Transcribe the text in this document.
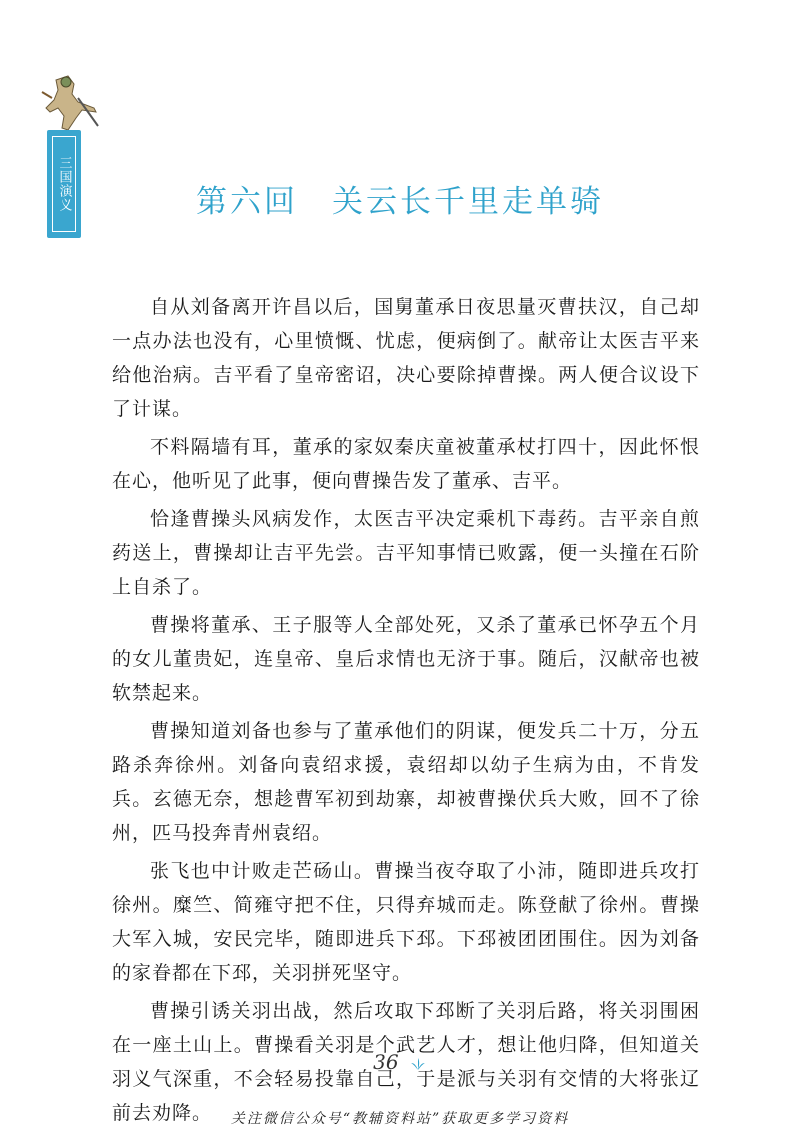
三国演义	第六回 关云长千里走单骑

自从刘备离开许昌以后，国舅董承日夜思量灭曹扶汉，自己却一点办法也没有，心里愤慨、忧虑，便病倒了。献帝让太医吉平来给他治病。吉平看了皇帝密诏，决心要除掉曹操。两人便合议设下了计谋。

不料隔墙有耳，董承的家奴秦庆童被董承杖打四十，因此怀恨在心，他听见了此事，便向曹操告发了董承、吉平。

恰逢曹操头风病发作，太医吉平决定乘机下毒药。吉平亲自煎药送上，曹操却让吉平先尝。吉平知事情已败露，便一头撞在石阶上自杀了。

曹操将董承、王子服等人全部处死，又杀了董承已怀孕五个月的女儿董贵妃，连皇帝、皇后求情也无济于事。随后，汉献帝也被软禁起来。

曹操知道刘备也参与了董承他们的阴谋，便发兵二十万，分五路杀奔徐州。刘备向袁绍求援，袁绍却以幼子生病为由，不肯发兵。玄德无奈，想趁曹军初到劫寨，却被曹操伏兵大败，回不了徐州，匹马投奔青州袁绍。

张飞也中计败走芒砀山。曹操当夜夺取了小沛，随即进兵攻打徐州。糜竺、简雍守把不住，只得弃城而走。陈登献了徐州。曹操大军入城，安民完毕，随即进兵下邳。下邳被团团围住。因为刘备的家眷都在下邳，关羽拼死坚守。

曹操引诱关羽出战，然后攻取下邳断了关羽后路，将关羽围困在一座土山上。曹操看关羽是个武艺人才，想让他归降，但知道关羽义气深重，不会轻易投靠自己，于是派与关羽有交情的大将张辽前去劝降。

36
关注微信公众号“教辅资料站”获取更多学习资料
